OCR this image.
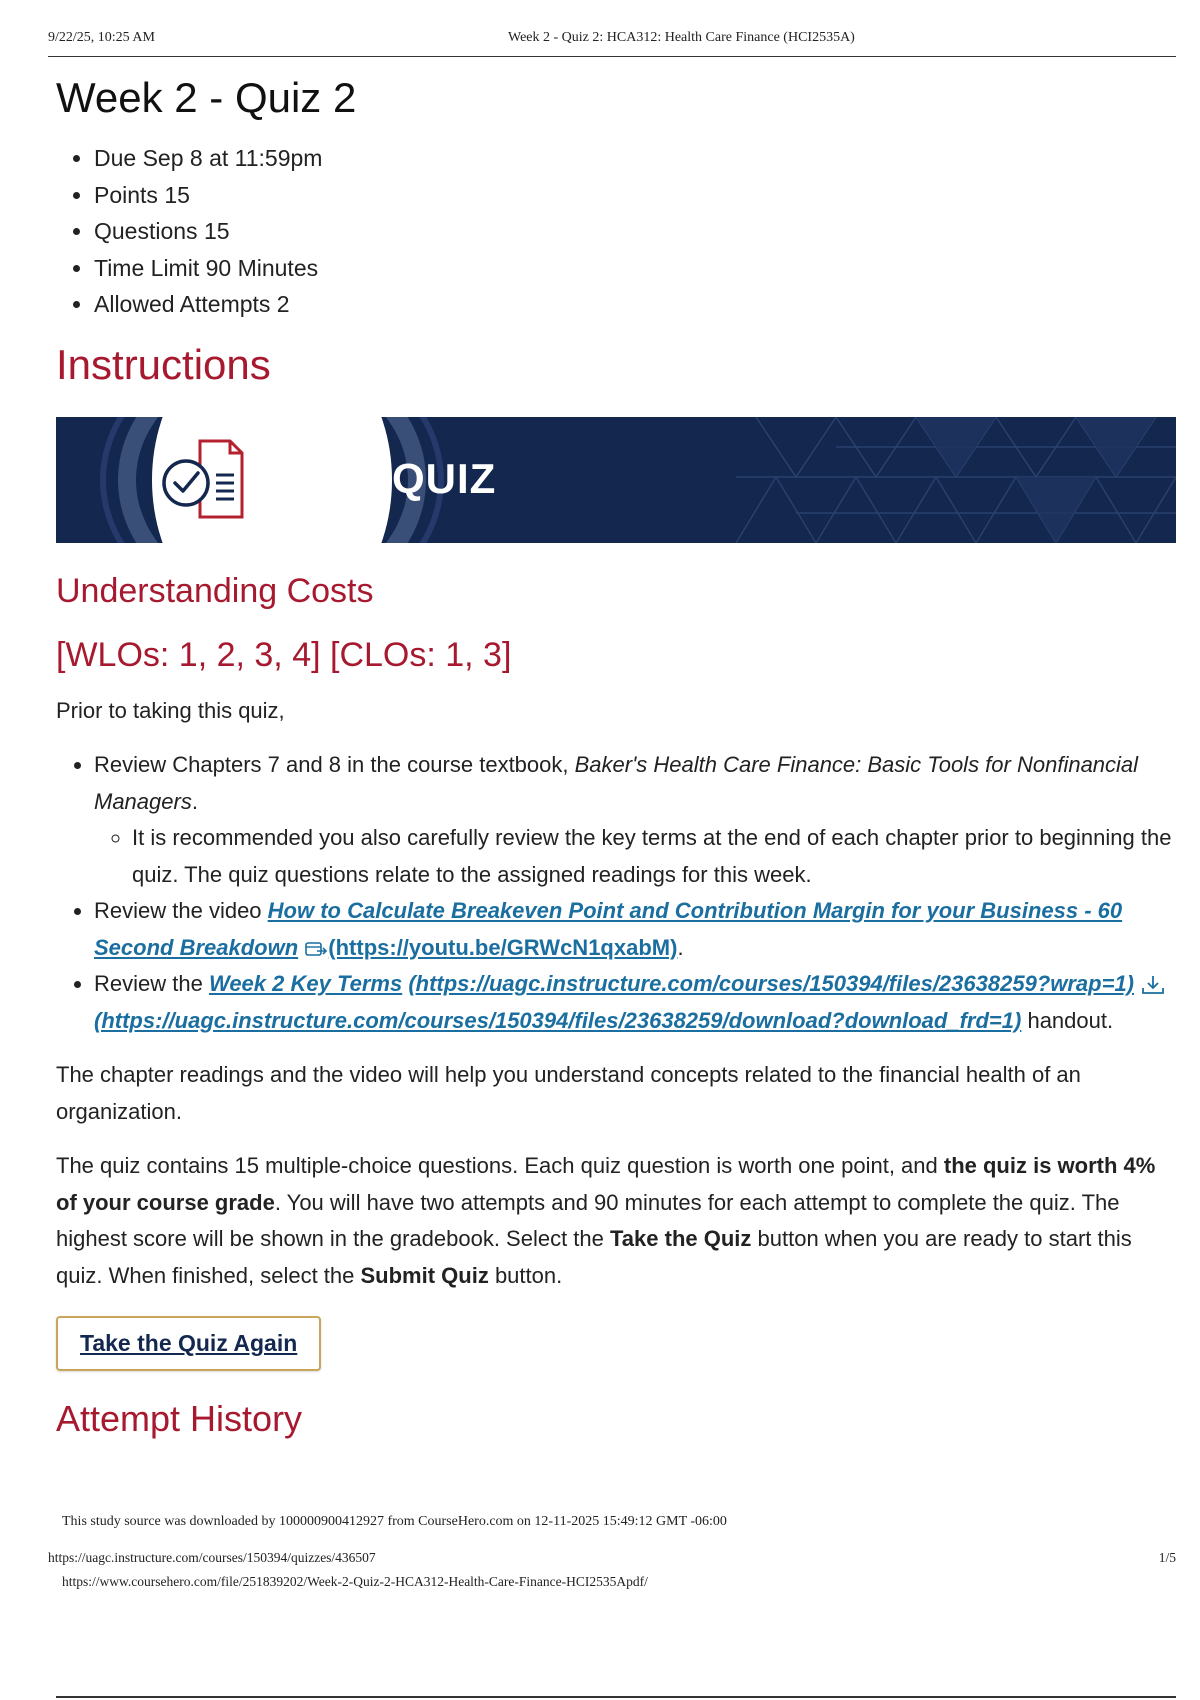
9/22/25, 10:25 AM	Week 2 - Quiz 2: HCA312: Health Care Finance (HCI2535A)
Week 2 - Quiz 2
• Due Sep 8 at 11:59pm
• Points 15
• Questions 15
• Time Limit 90 Minutes
• Allowed Attempts 2
Instructions
QUIZ
Understanding Costs
[WLOs: 1, 2, 3, 4] [CLOs: 1, 3]

Prior to taking this quiz,

• Review Chapters 7 and 8 in the course textbook, Baker's Health Care Finance: Basic Tools for Nonfinancial Managers.
◦ It is recommended you also carefully review the key terms at the end of each chapter prior to beginning the quiz. The quiz questions relate to the assigned readings for this week.
• Review the video How to Calculate Breakeven Point and Contribution Margin for your Business - 60 Second Breakdown (https://youtu.be/GRWcN1qxabM).
• Review the Week 2 Key Terms (https://uagc.instructure.com/courses/150394/files/23638259?wrap=1)  (https://uagc.instructure.com/courses/150394/files/23638259/download?download_frd=1) handout.

The chapter readings and the video will help you understand concepts related to the financial health of an organization.

The quiz contains 15 multiple-choice questions. Each quiz question is worth one point, and the quiz is worth 4% of your course grade. You will have two attempts and 90 minutes for each attempt to complete the quiz. The highest score will be shown in the gradebook. Select the Take the Quiz button when you are ready to start this quiz. When finished, select the Submit Quiz button.

Take the Quiz Again
Attempt History
This study source was downloaded by 100000900412927 from CourseHero.com on 12-11-2025 15:49:12 GMT -06:00
https://uagc.instructure.com/courses/150394/quizzes/436507	1/5
https://www.coursehero.com/file/251839202/Week-2-Quiz-2-HCA312-Health-Care-Finance-HCI2535Apdf/
